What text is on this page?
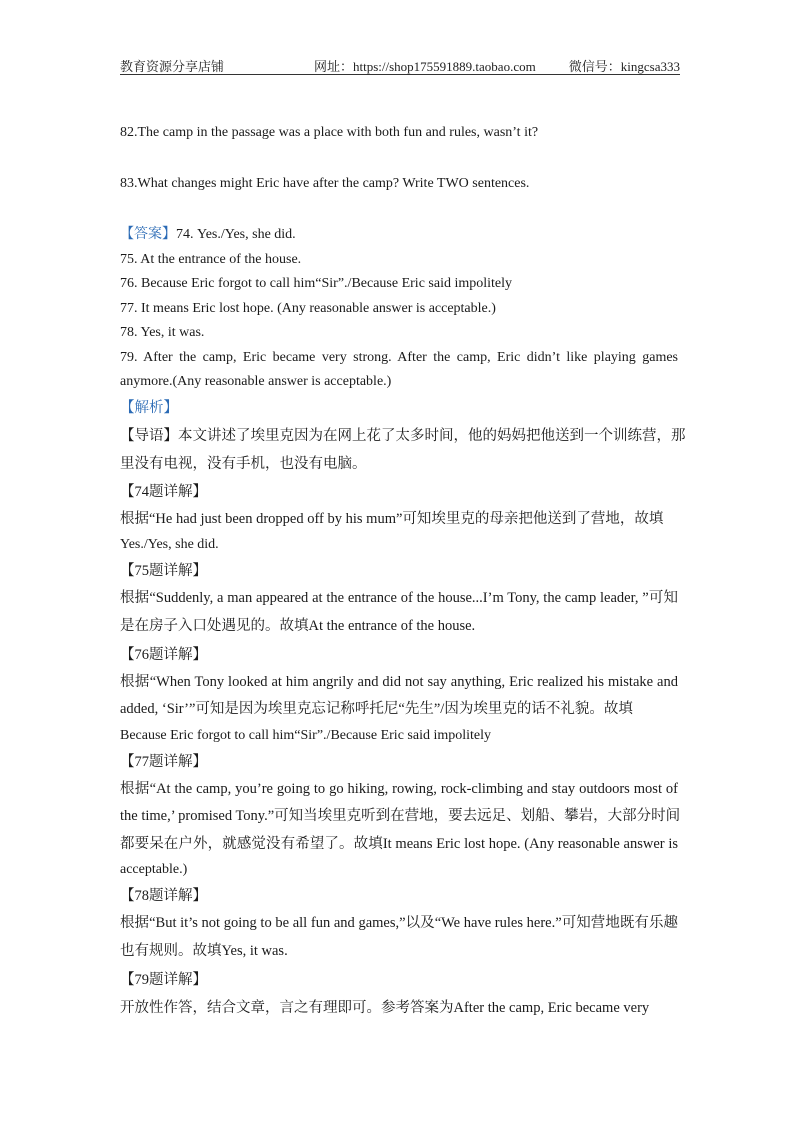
教育资源分享店铺	网址：https://shop175591889.taobao.com	微信号：kingcsa333
82.The camp in the passage was a place with both fun and rules, wasn’t it?
83.What changes might Eric have after the camp? Write TWO sentences.
【答案】74. Yes./Yes, she did.
75. At the entrance of the house.
76. Because Eric forgot to call him“Sir”./Because Eric said impolitely
77. It means Eric lost hope. (Any reasonable answer is acceptable.)
78. Yes, it was.
79. After the camp, Eric became very strong. After the camp, Eric didn’t like playing games
anymore.(Any reasonable answer is acceptable.)
【解析】
【导语】本文讲述了埃里克因为在网上花了太多时间，他的妈妈把他送到一个训练营，那
里没有电视，没有手机，也没有电脑。
【74题详解】
根据“He had just been dropped off by his mum”可知埃里克的母亲把他送到了营地，故填
Yes./Yes, she did.
【75题详解】
根据“Suddenly, a man appeared at the entrance of the house...I’m Tony, the camp leader, ”可知
是在房子入口处遇见的。故填At the entrance of the house.
【76题详解】
根据“When Tony looked at him angrily and did not say anything, Eric realized his mistake and
added, ‘Sir’”可知是因为埃里克忘记称呼托尼“先生”/因为埃里克的话不礼貌。故填
Because Eric forgot to call him“Sir”./Because Eric said impolitely
【77题详解】
根据“At the camp, you’re going to go hiking, rowing, rock-climbing and stay outdoors most of
the time,’ promised Tony.”可知当埃里克听到在营地，要去远足、划船、攀岩，大部分时间
都要呆在户外，就感觉没有希望了。故填It means Eric lost hope. (Any reasonable answer is
acceptable.)
【78题详解】
根据“But it’s not going to be all fun and games,”以及“We have rules here.”可知营地既有乐趣
也有规则。故填Yes, it was.
【79题详解】
开放性作答，结合文章，言之有理即可。参考答案为After the camp, Eric became very
